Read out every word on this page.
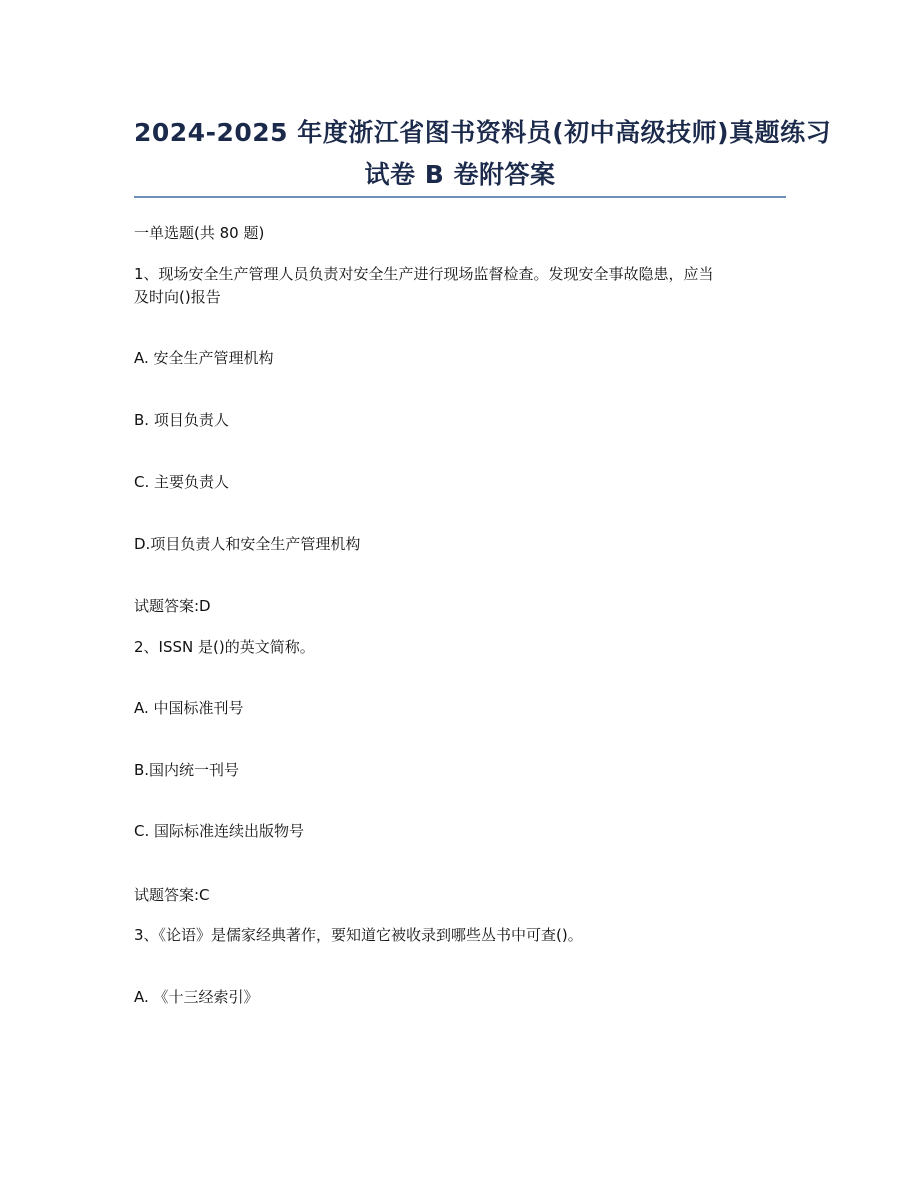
2024-2025 年度浙江省图书资料员(初中高级技师)真题练习
试卷 B 卷附答案
一单选题(共 80 题)
1、现场安全生产管理人员负责对安全生产进行现场监督检查。发现安全事故隐患，应当
及时向()报告
A. 安全生产管理机构
B. 项目负责人
C. 主要负责人
D.项目负责人和安全生产管理机构
试题答案:D
2、ISSN 是()的英文简称。
A. 中国标准刊号
B.国内统一刊号
C. 国际标准连续出版物号
试题答案:C
3、《论语》是儒家经典著作，要知道它被收录到哪些丛书中可查()。
A. 《十三经索引》
